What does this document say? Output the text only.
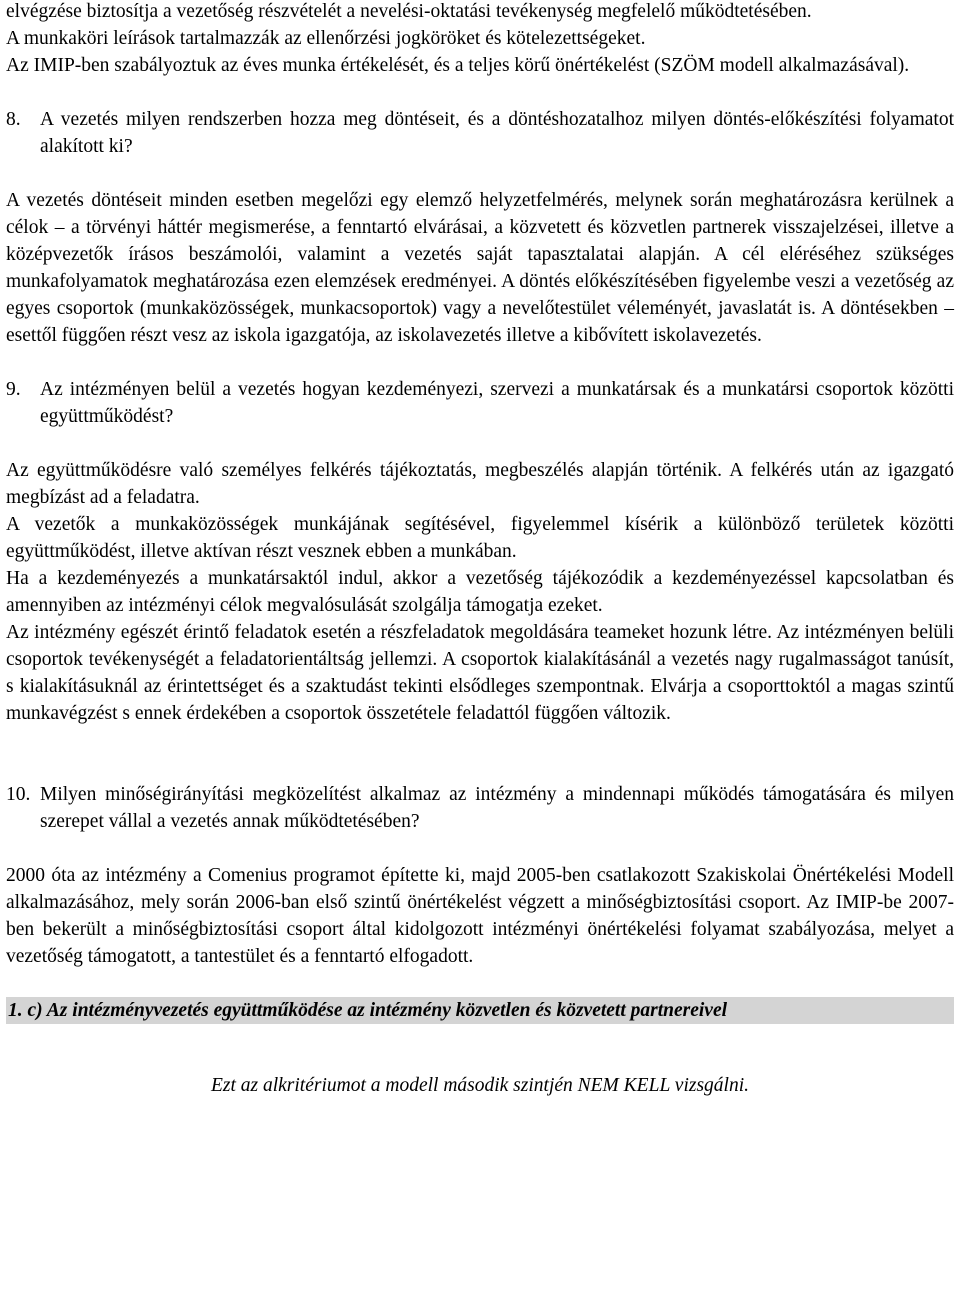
elvégzése biztosítja a vezetőség részvételét a nevelési-oktatási tevékenység megfelelő működtetésében.

A munkaköri leírások tartalmazzák az ellenőrzési jogköröket és kötelezettségeket.

Az IMIP-ben szabályoztuk az éves munka értékelését, és a teljes körű önértékelést (SZÖM modell alkalmazásával).

8. A vezetés milyen rendszerben hozza meg döntéseit, és a döntéshozatalhoz milyen döntés-előkészítési folyamatot alakított ki?

A vezetés döntéseit minden esetben megelőzi egy elemző helyzetfelmérés, melynek során meghatározásra kerülnek a célok – a törvényi háttér megismerése, a fenntartó elvárásai, a közvetett és közvetlen partnerek visszajelzései, illetve a középvezetők írásos beszámolói, valamint a vezetés saját tapasztalatai alapján. A cél eléréséhez szükséges munkafolyamatok meghatározása ezen elemzések eredményei. A döntés előkészítésében figyelembe veszi a vezetőség az egyes csoportok (munkaközösségek, munkacsoportok) vagy a nevelőtestület véleményét, javaslatát is. A döntésekben – esettől függően részt vesz az iskola igazgatója, az iskolavezetés illetve a kibővített iskolavezetés.

9. Az intézményen belül a vezetés hogyan kezdeményezi, szervezi a munkatársak és a munkatársi csoportok közötti együttműködést?

Az együttműködésre való személyes felkérés tájékoztatás, megbeszélés alapján történik. A felkérés után az igazgató megbízást ad a feladatra.

A vezetők a munkaközösségek munkájának segítésével, figyelemmel kísérik a különböző területek közötti együttműködést, illetve aktívan részt vesznek ebben a munkában.

Ha a kezdeményezés a munkatársaktól indul, akkor a vezetőség tájékozódik a kezdeményezéssel kapcsolatban és amennyiben az intézményi célok megvalósulását szolgálja támogatja ezeket.

Az intézmény egészét érintő feladatok esetén a részfeladatok megoldására teameket hozunk létre. Az intézményen belüli csoportok tevékenységét a feladatorientáltság jellemzi. A csoportok kialakításánál a vezetés nagy rugalmasságot tanúsít, s kialakításuknál az érintettséget és a szaktudást tekinti elsődleges szempontnak. Elvárja a csoporttoktól a magas szintű munkavégzést s ennek érdekében a csoportok összetétele feladattól függően változik.

10. Milyen minőségirányítási megközelítést alkalmaz az intézmény a mindennapi működés támogatására és milyen szerepet vállal a vezetés annak működtetésében?

2000 óta az intézmény a Comenius programot építette ki, majd 2005-ben csatlakozott Szakiskolai Önértékelési Modell alkalmazásához, mely során 2006-ban első szintű önértékelést végzett a minőségbiztosítási csoport. Az IMIP-be 2007-ben bekerült a minőségbiztosítási csoport által kidolgozott intézményi önértékelési folyamat szabályozása, melyet a vezetőség támogatott, a tantestület és a fenntartó elfogadott.

1. c) Az intézményvezetés együttműködése az intézmény közvetlen és közvetett partnereivel

Ezt az alkritériumot a modell második szintjén NEM KELL vizsgálni.
